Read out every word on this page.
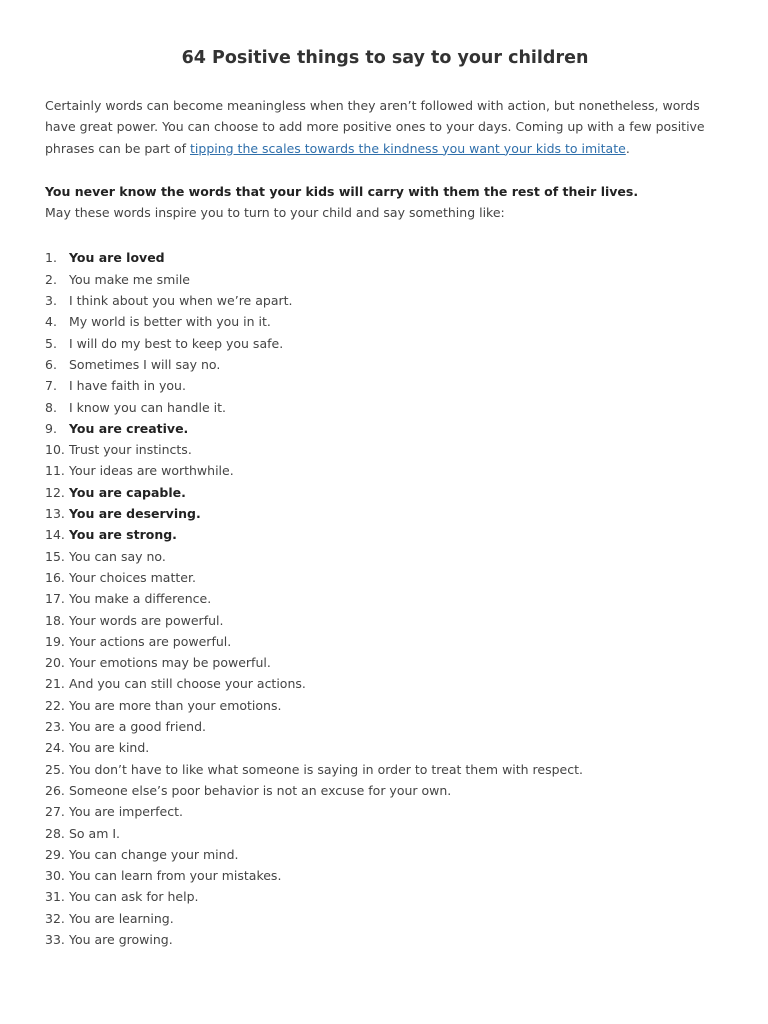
64 Positive things to say to your children

Certainly words can become meaningless when they aren’t followed with action, but nonetheless, words have great power. You can choose to add more positive ones to your days. Coming up with a few positive phrases can be part of tipping the scales towards the kindness you want your kids to imitate.

You never know the words that your kids will carry with them the rest of their lives.
May these words inspire you to turn to your child and say something like:

1. You are loved
2. You make me smile
3. I think about you when we’re apart.
4. My world is better with you in it.
5. I will do my best to keep you safe.
6. Sometimes I will say no.
7. I have faith in you.
8. I know you can handle it.
9. You are creative.
10. Trust your instincts.
11. Your ideas are worthwhile.
12. You are capable.
13. You are deserving.
14. You are strong.
15. You can say no.
16. Your choices matter.
17. You make a difference.
18. Your words are powerful.
19. Your actions are powerful.
20. Your emotions may be powerful.
21. And you can still choose your actions.
22. You are more than your emotions.
23. You are a good friend.
24. You are kind.
25. You don’t have to like what someone is saying in order to treat them with respect.
26. Someone else’s poor behavior is not an excuse for your own.
27. You are imperfect.
28. So am I.
29. You can change your mind.
30. You can learn from your mistakes.
31. You can ask for help.
32. You are learning.
33. You are growing.
